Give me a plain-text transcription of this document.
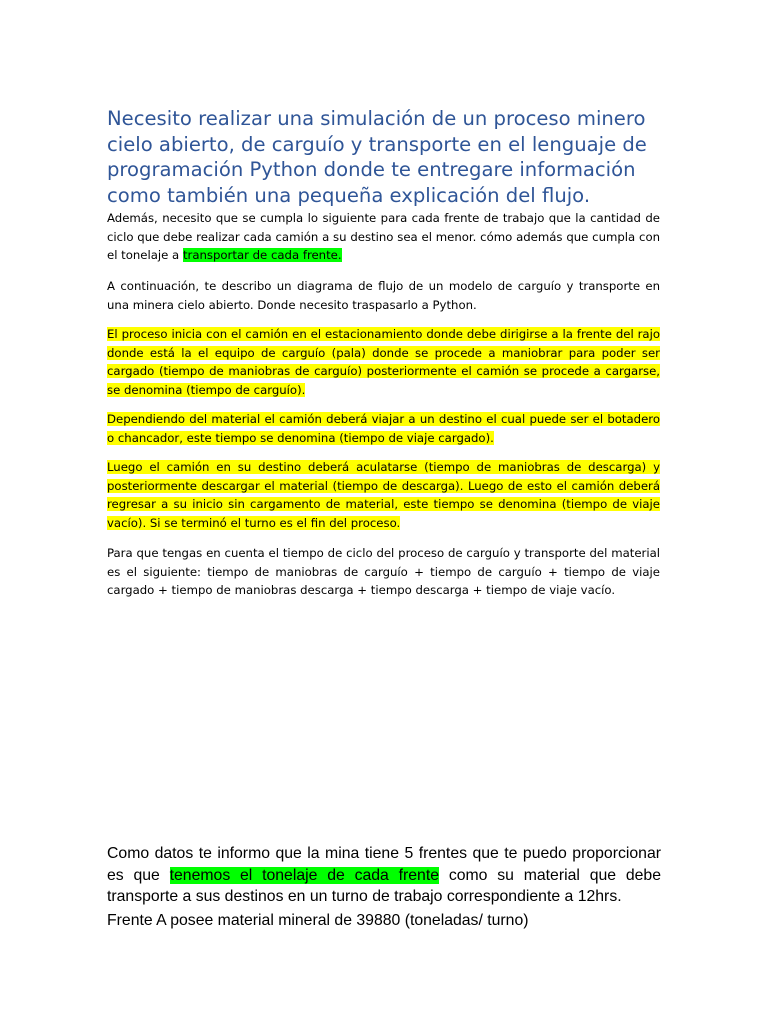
Necesito realizar una simulación de un proceso minero cielo abierto, de carguío y transporte en el lenguaje de programación Python donde te entregare información como también una pequeña explicación del flujo.

Además, necesito que se cumpla lo siguiente para cada frente de trabajo que la cantidad de ciclo que debe realizar cada camión a su destino sea el menor. cómo además que cumpla con el tonelaje a transportar de cada frente.

A continuación, te describo un diagrama de flujo de un modelo de carguío y transporte en una minera cielo abierto. Donde necesito traspasarlo a Python.

El proceso inicia con el camión en el estacionamiento donde debe dirigirse a la frente del rajo donde está la el equipo de carguío (pala) donde se procede a maniobrar para poder ser cargado (tiempo de maniobras de carguío) posteriormente el camión se procede a cargarse, se denomina (tiempo de carguío).

Dependiendo del material el camión deberá viajar a un destino el cual puede ser el botadero o chancador, este tiempo se denomina (tiempo de viaje cargado).

Luego el camión en su destino deberá aculatarse (tiempo de maniobras de descarga) y posteriormente descargar el material (tiempo de descarga). Luego de esto el camión deberá regresar a su inicio sin cargamento de material, este tiempo se denomina (tiempo de viaje vacío). Si se terminó el turno es el fin del proceso.

Para que tengas en cuenta el tiempo de ciclo del proceso de carguío y transporte del material es el siguiente: tiempo de maniobras de carguío + tiempo de carguío + tiempo de viaje cargado + tiempo de maniobras descarga + tiempo descarga + tiempo de viaje vacío.

Como datos te informo que la mina tiene 5 frentes que te puedo proporcionar es que tenemos el tonelaje de cada frente como su material que debe transporte a sus destinos en un turno de trabajo correspondiente a 12hrs.

Frente A posee material mineral de 39880 (toneladas/ turno)
